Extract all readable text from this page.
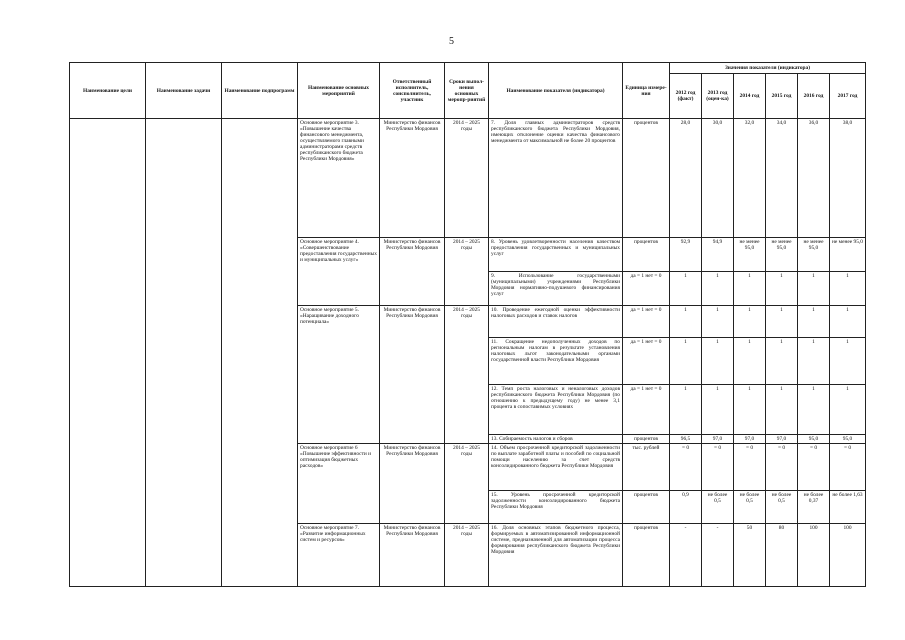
5
Наименование цели	Наименование задачи	Наименование подпрограмм	Наименование основных мероприятий	Ответственный исполнитель, соисполнитель, участник	Сроки выпол-нения основных меропр-риятий	Наименование показателя (индикатора)	Единица измере-ния	Значения показателя (индикатора)					
								2012 год (факт)	2013 год (оцен-ка)	2014 год	2015 год	2016 год	2017 год
			Основное мероприятие 3. «Повышение качества финансового менеджмента, осуществляемого главными администраторами средств республиканского бюджета Республики Мордовия»	Министерство финансов Республики Мордовия	2014 – 2025 годы	7. Доля главных администраторов средств республиканского бюджета Республики Мордовия, имеющих отклонение оценки качества финансового менеджмента от максимальной не более 20 процентов	процентов	28,0	30,0	32,0	34,0	36,0	38,0
			Основное мероприятие 4. «Совершенствование предоставления государственных и муниципальных услуг»	Министерство финансов Республики Мордовия	2014 – 2025 годы	8. Уровень удовлетворенности населения качеством предоставления государственных и муниципальных услуг	процентов	92,9	94,9	не менее 95,0	не менее 95,0	не менее 95,0	не менее 95,0
						9. Использование государственными (муниципальными) учреждениями Республики Мордовия нормативно-подушевого финансирования услуг	да = 1 нет = 0	1	1	1	1	1	1
			Основное мероприятие 5. «Наращивание доходного потенциала»	Министерство финансов Республики Мордовия	2014 – 2025 годы	10. Проведение ежегодной оценки эффективности налоговых расходов и ставок налогов	да = 1 нет = 0	1	1	1	1	1	1
						11. Сокращение недополученных доходов по региональным налогам в результате установления налоговых льгот законодательными органами государственной власти Республики Мордовия	да = 1 нет = 0	1	1	1	1	1	1
						12. Темп роста налоговых и неналоговых доходов республиканского бюджета Республики Мордовия (по отношению к предыдущему году) не менее 3,1 процента в сопоставимых условиях	да = 1 нет = 0	1	1	1	1	1	1
						13. Собираемость налогов и сборов	процентов	96,5	97,0	97,0	97,0	95,0	95,0
			Основное мероприятие 6 «Повышение эффективности и оптимизация бюджетных расходов»	Министерство финансов Республики Мордовия	2014 – 2025 годы	14. Объем просроченной кредиторской задолженности по выплате заработной платы и пособий по социальной помощи населению за счет средств консолидированного бюджета Республики Мордовия	тыс. рублей	= 0	= 0	= 0	= 0	= 0	= 0
						15. Уровень просроченной кредиторской задолженности консолидированного бюджета Республики Мордовия	процентов	0,9	не более 0,5	не более 0,5	не более 0,5	не более 0,37	не более 1,63
			Основное мероприятие 7. «Развитие информационных систем и ресурсов»	Министерство финансов Республики Мордовия	2014 – 2025 годы	16. Доля основных этапов бюджетного процесса, формируемых в автоматизированной информационной системе, предназначенной для автоматизации процесса формирования республиканского бюджета Республики Мордовия	процентов	-	-	50	80	100	100
